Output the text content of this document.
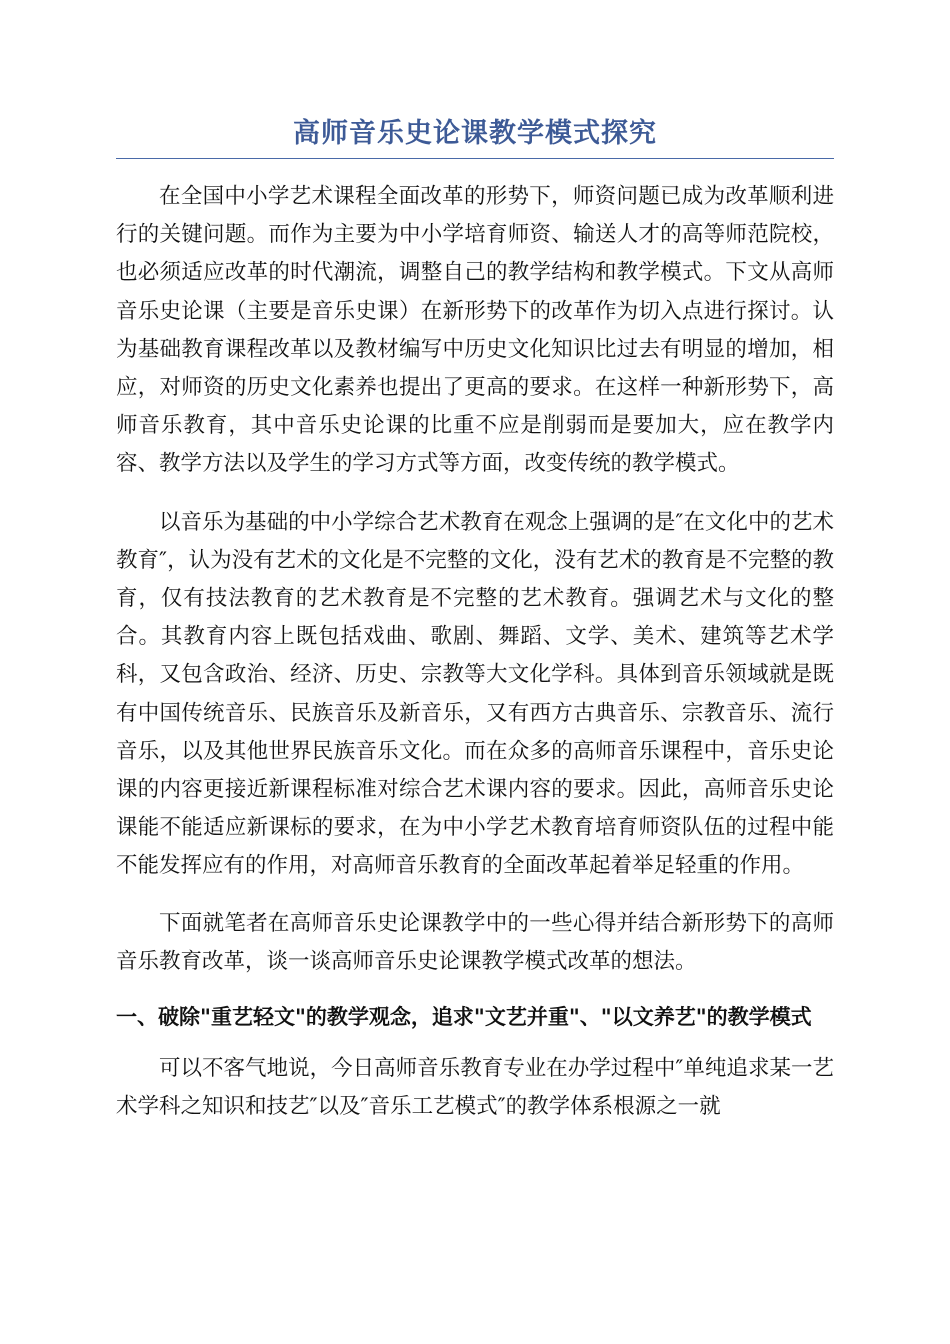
高师音乐史论课教学模式探究

在全国中小学艺术课程全面改革的形势下，师资问题已成为改革顺利进行的关键问题。而作为主要为中小学培育师资、输送人才的高等师范院校，也必须适应改革的时代潮流，调整自己的教学结构和教学模式。下文从高师音乐史论课（主要是音乐史课）在新形势下的改革作为切入点进行探讨。认为基础教育课程改革以及教材编写中历史文化知识比过去有明显的增加，相应，对师资的历史文化素养也提出了更高的要求。在这样一种新形势下，高师音乐教育，其中音乐史论课的比重不应是削弱而是要加大，应在教学内容、教学方法以及学生的学习方式等方面，改变传统的教学模式。

以音乐为基础的中小学综合艺术教育在观念上强调的是″在文化中的艺术教育″，认为没有艺术的文化是不完整的文化，没有艺术的教育是不完整的教育，仅有技法教育的艺术教育是不完整的艺术教育。强调艺术与文化的整合。其教育内容上既包括戏曲、歌剧、舞蹈、文学、美术、建筑等艺术学科，又包含政治、经济、历史、宗教等大文化学科。具体到音乐领域就是既有中国传统音乐、民族音乐及新音乐，又有西方古典音乐、宗教音乐、流行音乐，以及其他世界民族音乐文化。而在众多的高师音乐课程中，音乐史论课的内容更接近新课程标准对综合艺术课内容的要求。因此，高师音乐史论课能不能适应新课标的要求，在为中小学艺术教育培育师资队伍的过程中能不能发挥应有的作用，对高师音乐教育的全面改革起着举足轻重的作用。

下面就笔者在高师音乐史论课教学中的一些心得并结合新形势下的高师音乐教育改革，谈一谈高师音乐史论课教学模式改革的想法。

一、破除"重艺轻文"的教学观念，追求"文艺并重"、"以文养艺"的教学模式

可以不客气地说，今日高师音乐教育专业在办学过程中″单纯追求某一艺术学科之知识和技艺″以及″音乐工艺模式″的教学体系根源之一就
